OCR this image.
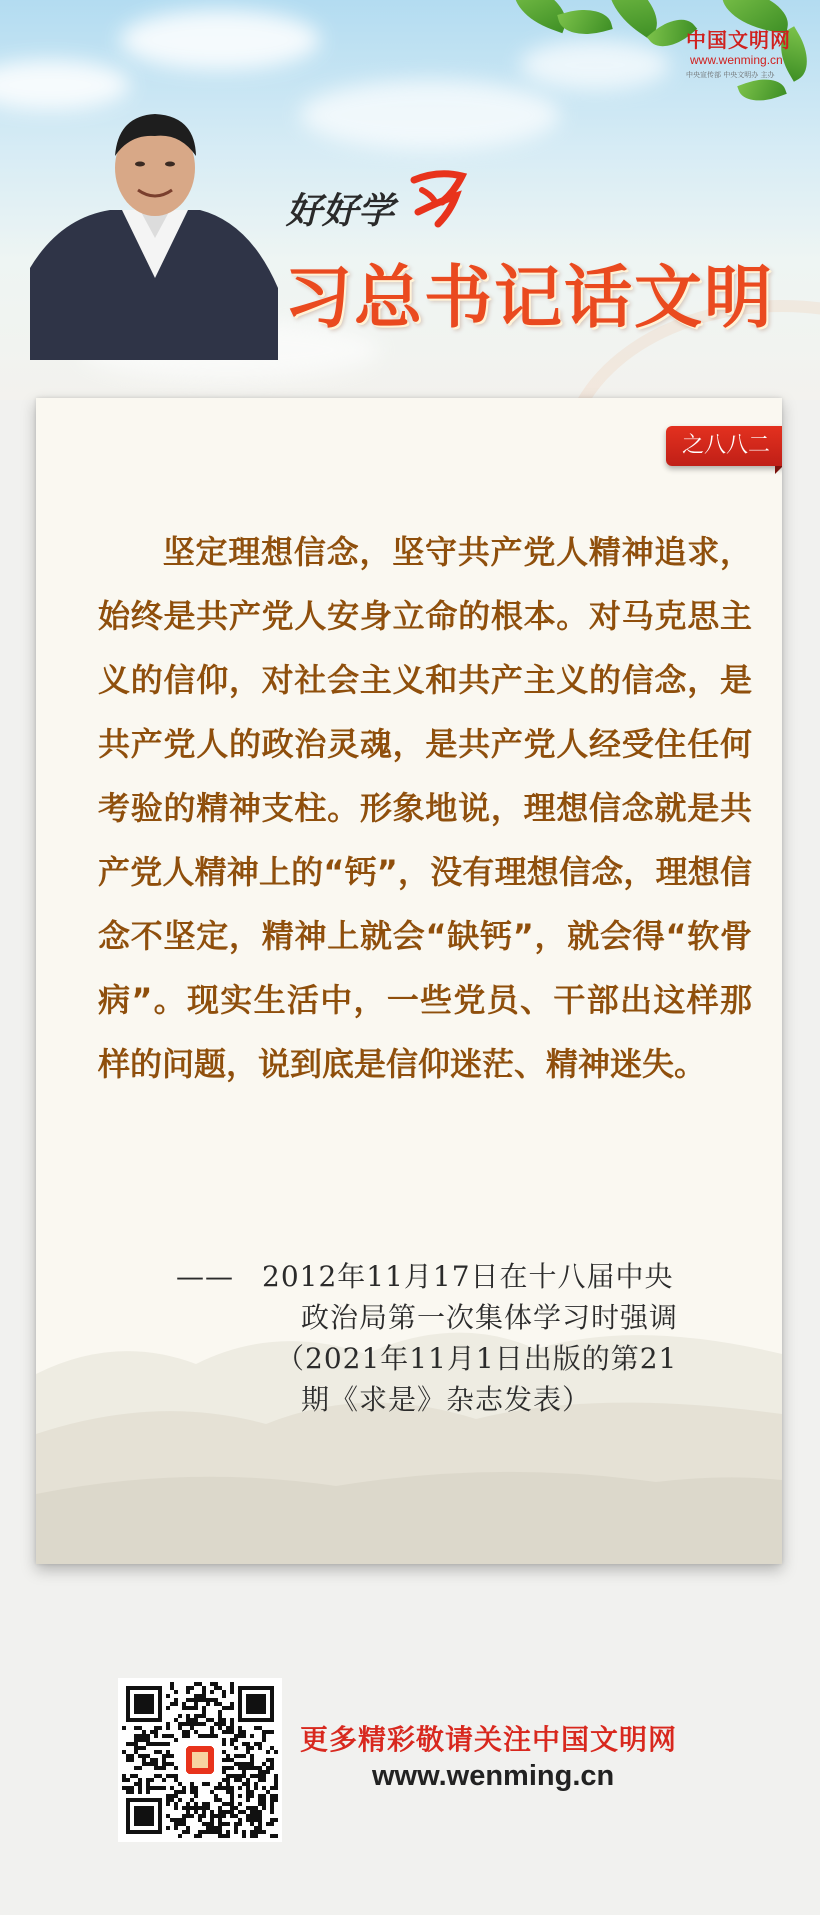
中国文明网
www.wenming.cn
中央宣传部 中央文明办 主办
好好学
习总书记话文明
之八八二

坚定理想信念，坚守共产党人精神追求，始终是共产党人安身立命的根本。对马克思主义的信仰，对社会主义和共产主义的信念，是共产党人的政治灵魂，是共产党人经受住任何考验的精神支柱。形象地说，理想信念就是共产党人精神上的“钙”，没有理想信念，理想信念不坚定，精神上就会“缺钙”，就会得“软骨病”。现实生活中，一些党员、干部出这样那样的问题，说到底是信仰迷茫、精神迷失。

—— 2012年11月17日在十八届中央
政治局第一次集体学习时强调
（2021年11月1日出版的第21
期《求是》杂志发表）
更多精彩敬请关注中国文明网
www.wenming.cn
